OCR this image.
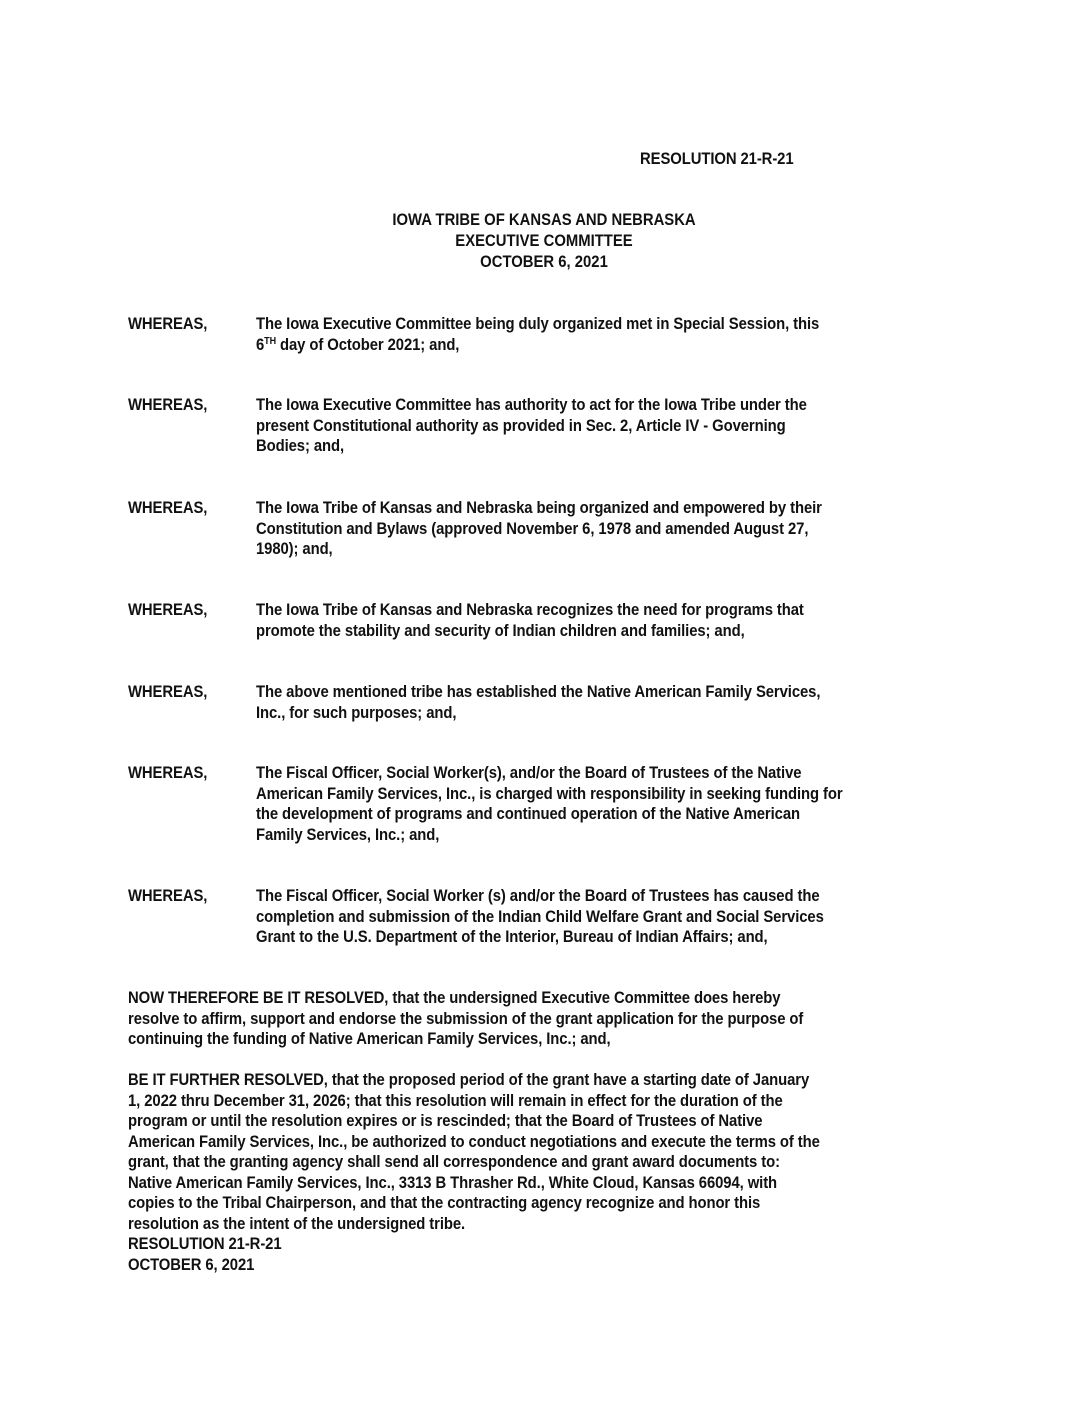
RESOLUTION 21-R-21
IOWA TRIBE OF KANSAS AND NEBRASKA
EXECUTIVE COMMITTEE
OCTOBER 6, 2021
WHEREAS,	The Iowa Executive Committee being duly organized met in Special Session, this
6TH day of October 2021; and,
WHEREAS,	The Iowa Executive Committee has authority to act for the Iowa Tribe under the
present Constitutional authority as provided in Sec. 2, Article IV - Governing
Bodies; and,
WHEREAS,	The Iowa Tribe of Kansas and Nebraska being organized and empowered by their
Constitution and Bylaws (approved November 6, 1978 and amended August 27,
1980); and,
WHEREAS,	The Iowa Tribe of Kansas and Nebraska recognizes the need for programs that
promote the stability and security of Indian children and families; and,
WHEREAS,	The above mentioned tribe has established the Native American Family Services,
Inc., for such purposes; and,
WHEREAS,	The Fiscal Officer, Social Worker(s), and/or the Board of Trustees of the Native
American Family Services, Inc., is charged with responsibility in seeking funding for
the development of programs and continued operation of the Native American
Family Services, Inc.; and,
WHEREAS,	The Fiscal Officer, Social Worker (s) and/or the Board of Trustees has caused the
completion and submission of the Indian Child Welfare Grant and Social Services
Grant to the U.S. Department of the Interior, Bureau of Indian Affairs; and,
NOW THEREFORE BE IT RESOLVED, that the undersigned Executive Committee does hereby
resolve to affirm, support and endorse the submission of the grant application for the purpose of
continuing the funding of Native American Family Services, Inc.; and,
BE IT FURTHER RESOLVED, that the proposed period of the grant have a starting date of January
1, 2022 thru December 31, 2026; that this resolution will remain in effect for the duration of the
program or until the resolution expires or is rescinded; that the Board of Trustees of Native
American Family Services, Inc., be authorized to conduct negotiations and execute the terms of the
grant, that the granting agency shall send all correspondence and grant award documents to:
Native American Family Services, Inc., 3313 B Thrasher Rd., White Cloud, Kansas 66094, with
copies to the Tribal Chairperson, and that the contracting agency recognize and honor this
resolution as the intent of the undersigned tribe.
RESOLUTION 21-R-21
OCTOBER 6, 2021
